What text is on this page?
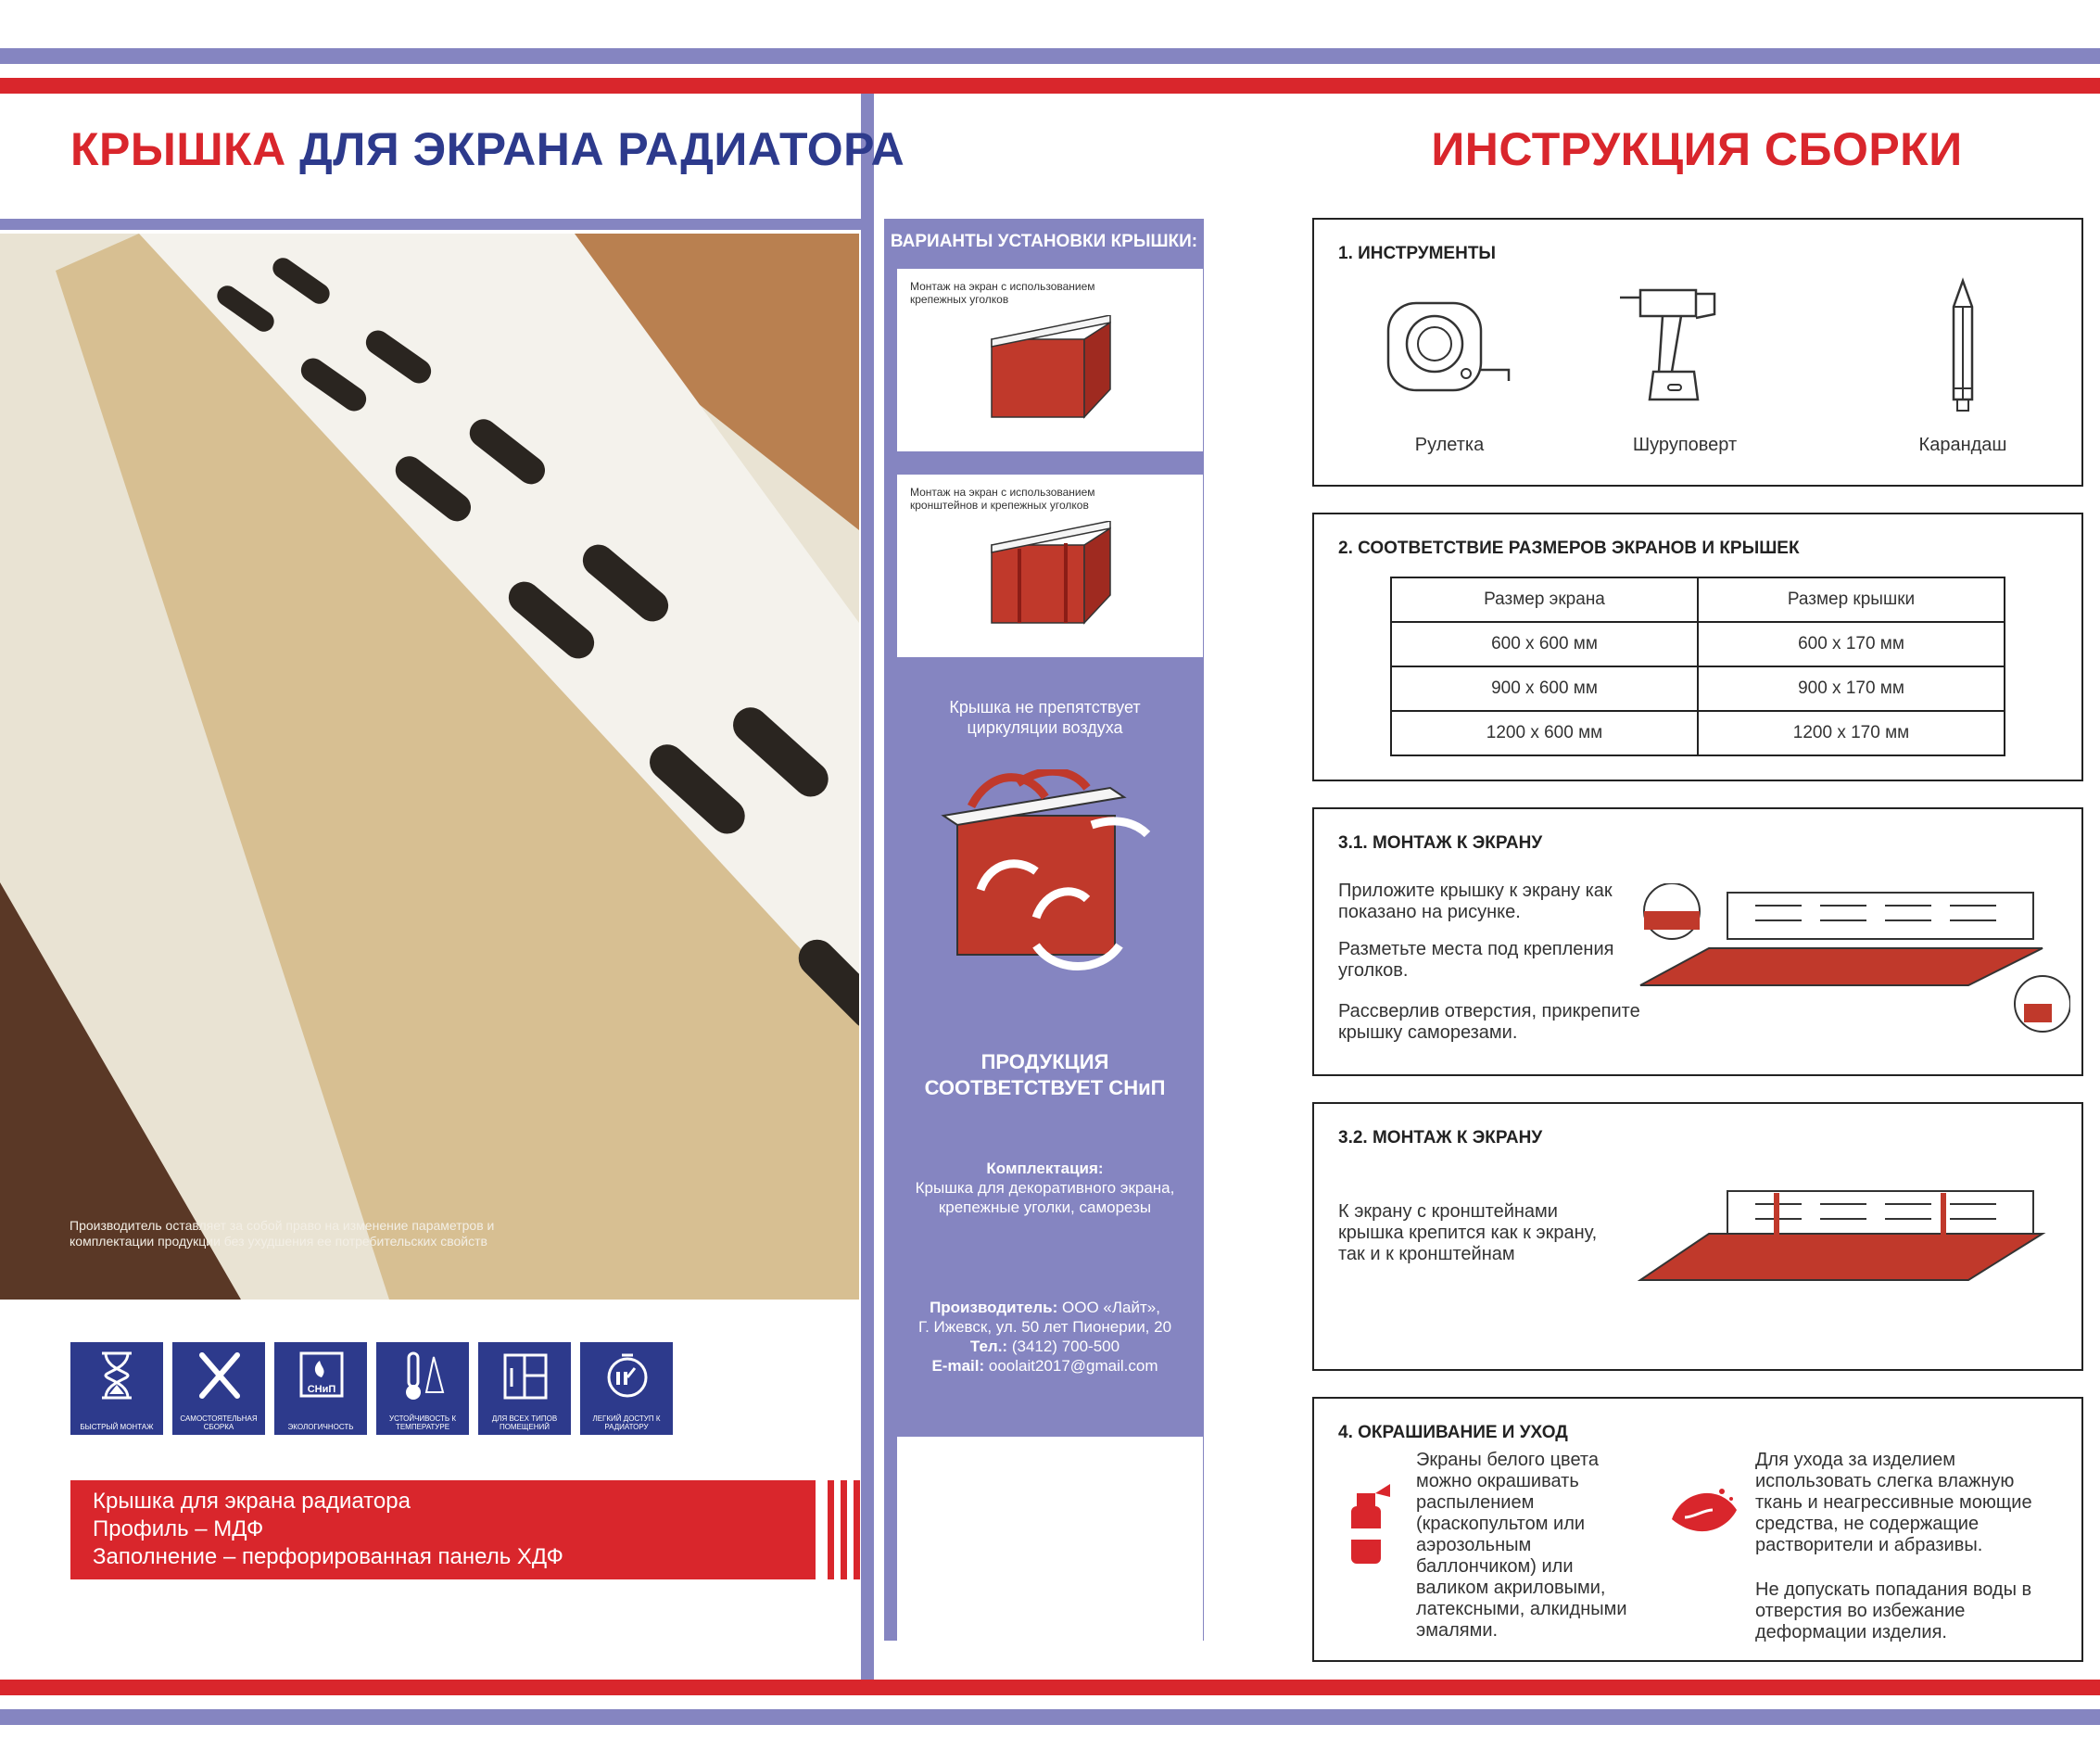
КРЫШКА ДЛЯ ЭКРАНА РАДИАТОРА
Производитель оставляет за собой право на изменение параметров и комплектации продукции без ухудшения ее потребительских свойств
БЫСТРЫЙ МОНТАЖ
САМОСТОЯТЕЛЬНАЯ СБОРКА
СНиП
ЭКОЛОГИЧНОСТЬ
УСТОЙЧИВОСТЬ К ТЕМПЕРАТУРЕ
ДЛЯ ВСЕХ ТИПОВ ПОМЕЩЕНИЙ
ЛЕГКИЙ ДОСТУП К РАДИАТОРУ
Крышка для экрана радиатора
Профиль – МДФ
Заполнение – перфорированная панель ХДФ
ВАРИАНТЫ УСТАНОВКИ КРЫШКИ:
Монтаж на экран с использованием крепежных уголков
Монтаж на экран с использованием кронштейнов и крепежных уголков
Крышка не препятствует циркуляции воздуха
ПРОДУКЦИЯ СООТВЕТСТВУЕТ СНиП
Комплектация:
Крышка для декоративного экрана, крепежные уголки, саморезы
Производитель: ООО «Лайт»,
Г. Ижевск, ул. 50 лет Пионерии, 20
Тел.: (3412) 700-500
E-mail: ooolait2017@gmail.com
ИНСТРУКЦИЯ СБОРКИ
1. ИНСТРУМЕНТЫ
Рулетка	Шуруповерт	Карандаш
2. СООТВЕТСТВИЕ РАЗМЕРОВ ЭКРАНОВ И КРЫШЕК
Размер экрана	Размер крышки
600 х 600 мм	600 х 170 мм
900 х 600 мм	900 х 170 мм
1200 х 600 мм	1200 х 170 мм
3.1. МОНТАЖ К ЭКРАНУ
Приложите крышку к экрану как показано на рисунке.
Разметьте места под крепления уголков.
Рассверлив отверстия, прикрепите крышку саморезами.
3.2. МОНТАЖ К ЭКРАНУ
К экрану с кронштейнами крышка крепится как к экрану, так и к кронштейнам
4. ОКРАШИВАНИЕ И УХОД
Экраны белого цвета можно окрашивать распылением (краскопультом или аэрозольным баллончиком) или валиком акриловыми, латексными, алкидными эмалями.
Для ухода за изделием использовать слегка влажную ткань и неагрессивные моющие средства, не содержащие растворители и абразивы.
Не допускать попадания воды в отверстия во избежание деформации изделия.
